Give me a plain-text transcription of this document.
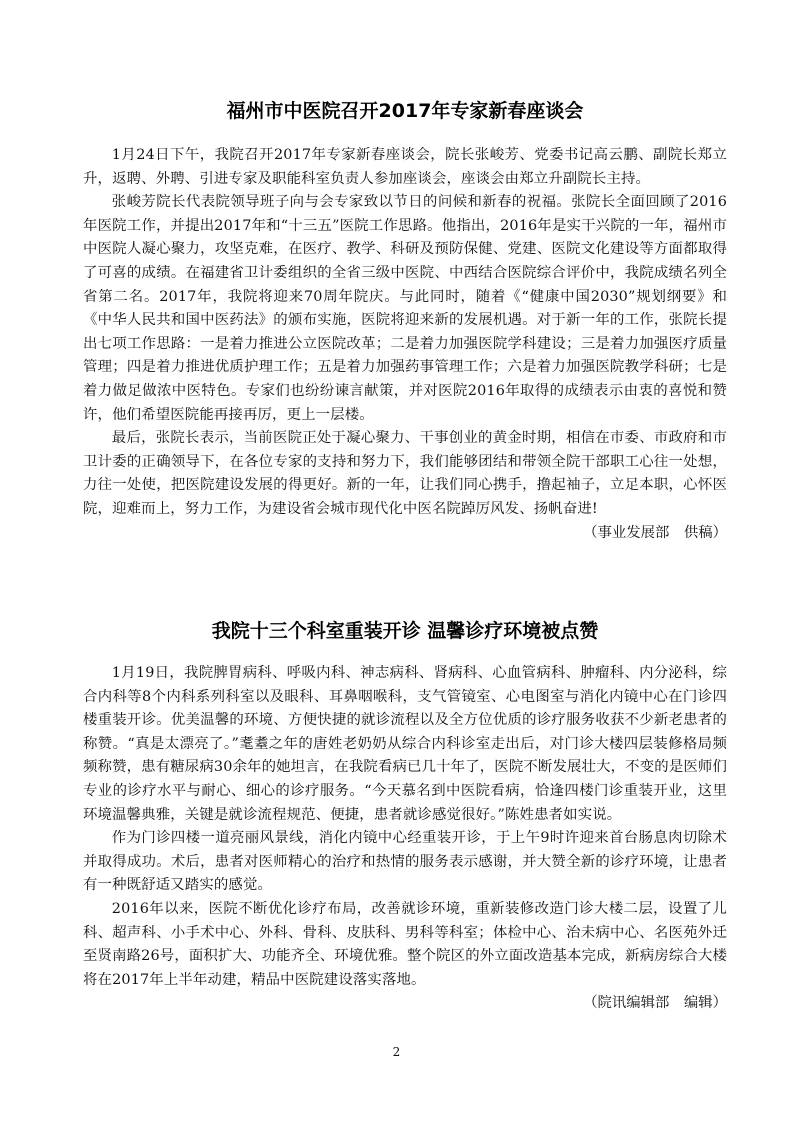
福州市中医院召开2017年专家新春座谈会

1月24日下午，我院召开2017年专家新春座谈会，院长张峻芳、党委书记高云鹏、副院长郑立升，返聘、外聘、引进专家及职能科室负责人参加座谈会，座谈会由郑立升副院长主持。

张峻芳院长代表院领导班子向与会专家致以节日的问候和新春的祝福。张院长全面回顾了2016年医院工作，并提出2017年和“十三五”医院工作思路。他指出，2016年是实干兴院的一年，福州市中医院人凝心聚力，攻坚克难，在医疗、教学、科研及预防保健、党建、医院文化建设等方面都取得了可喜的成绩。在福建省卫计委组织的全省三级中医院、中西结合医院综合评价中，我院成绩名列全省第二名。2017年，我院将迎来70周年院庆。与此同时，随着《“健康中国2030”规划纲要》和《中华人民共和国中医药法》的颁布实施，医院将迎来新的发展机遇。对于新一年的工作，张院长提出七项工作思路：一是着力推进公立医院改革；二是着力加强医院学科建设；三是着力加强医疗质量管理；四是着力推进优质护理工作；五是着力加强药事管理工作；六是着力加强医院教学科研；七是着力做足做浓中医特色。专家们也纷纷谏言献策，并对医院2016年取得的成绩表示由衷的喜悦和赞许，他们希望医院能再接再厉，更上一层楼。

最后，张院长表示，当前医院正处于凝心聚力、干事创业的黄金时期，相信在市委、市政府和市卫计委的正确领导下，在各位专家的支持和努力下，我们能够团结和带领全院干部职工心往一处想，力往一处使，把医院建设发展的得更好。新的一年，让我们同心携手，撸起袖子，立足本职，心怀医院，迎难而上，努力工作，为建设省会城市现代化中医名院踔厉风发、扬帆奋进!

（事业发展部　供稿）

我院十三个科室重装开诊 温馨诊疗环境被点赞

1月19日，我院脾胃病科、呼吸内科、神志病科、肾病科、心血管病科、肿瘤科、内分泌科，综合内科等8个内科系列科室以及眼科、耳鼻咽喉科，支气管镜室、心电图室与消化内镜中心在门诊四楼重装开诊。优美温馨的环境、方便快捷的就诊流程以及全方位优质的诊疗服务收获不少新老患者的称赞。“真是太漂亮了。”耄耋之年的唐姓老奶奶从综合内科诊室走出后，对门诊大楼四层装修格局频频称赞，患有糖尿病30余年的她坦言，在我院看病已几十年了，医院不断发展壮大，不变的是医师们专业的诊疗水平与耐心、细心的诊疗服务。“今天慕名到中医院看病，恰逢四楼门诊重装开业，这里环境温馨典雅，关键是就诊流程规范、便捷，患者就诊感觉很好。”陈姓患者如实说。

作为门诊四楼一道亮丽风景线，消化内镜中心经重装开诊，于上午9时许迎来首台肠息肉切除术并取得成功。术后，患者对医师精心的治疗和热情的服务表示感谢，并大赞全新的诊疗环境，让患者有一种既舒适又踏实的感觉。

2016年以来，医院不断优化诊疗布局，改善就诊环境，重新装修改造门诊大楼二层，设置了儿科、超声科、小手术中心、外科、骨科、皮肤科、男科等科室；体检中心、治未病中心、名医苑外迁至贤南路26号，面积扩大、功能齐全、环境优雅。整个院区的外立面改造基本完成，新病房综合大楼将在2017年上半年动建，精品中医院建设落实落地。

（院讯编辑部　编辑）

2
